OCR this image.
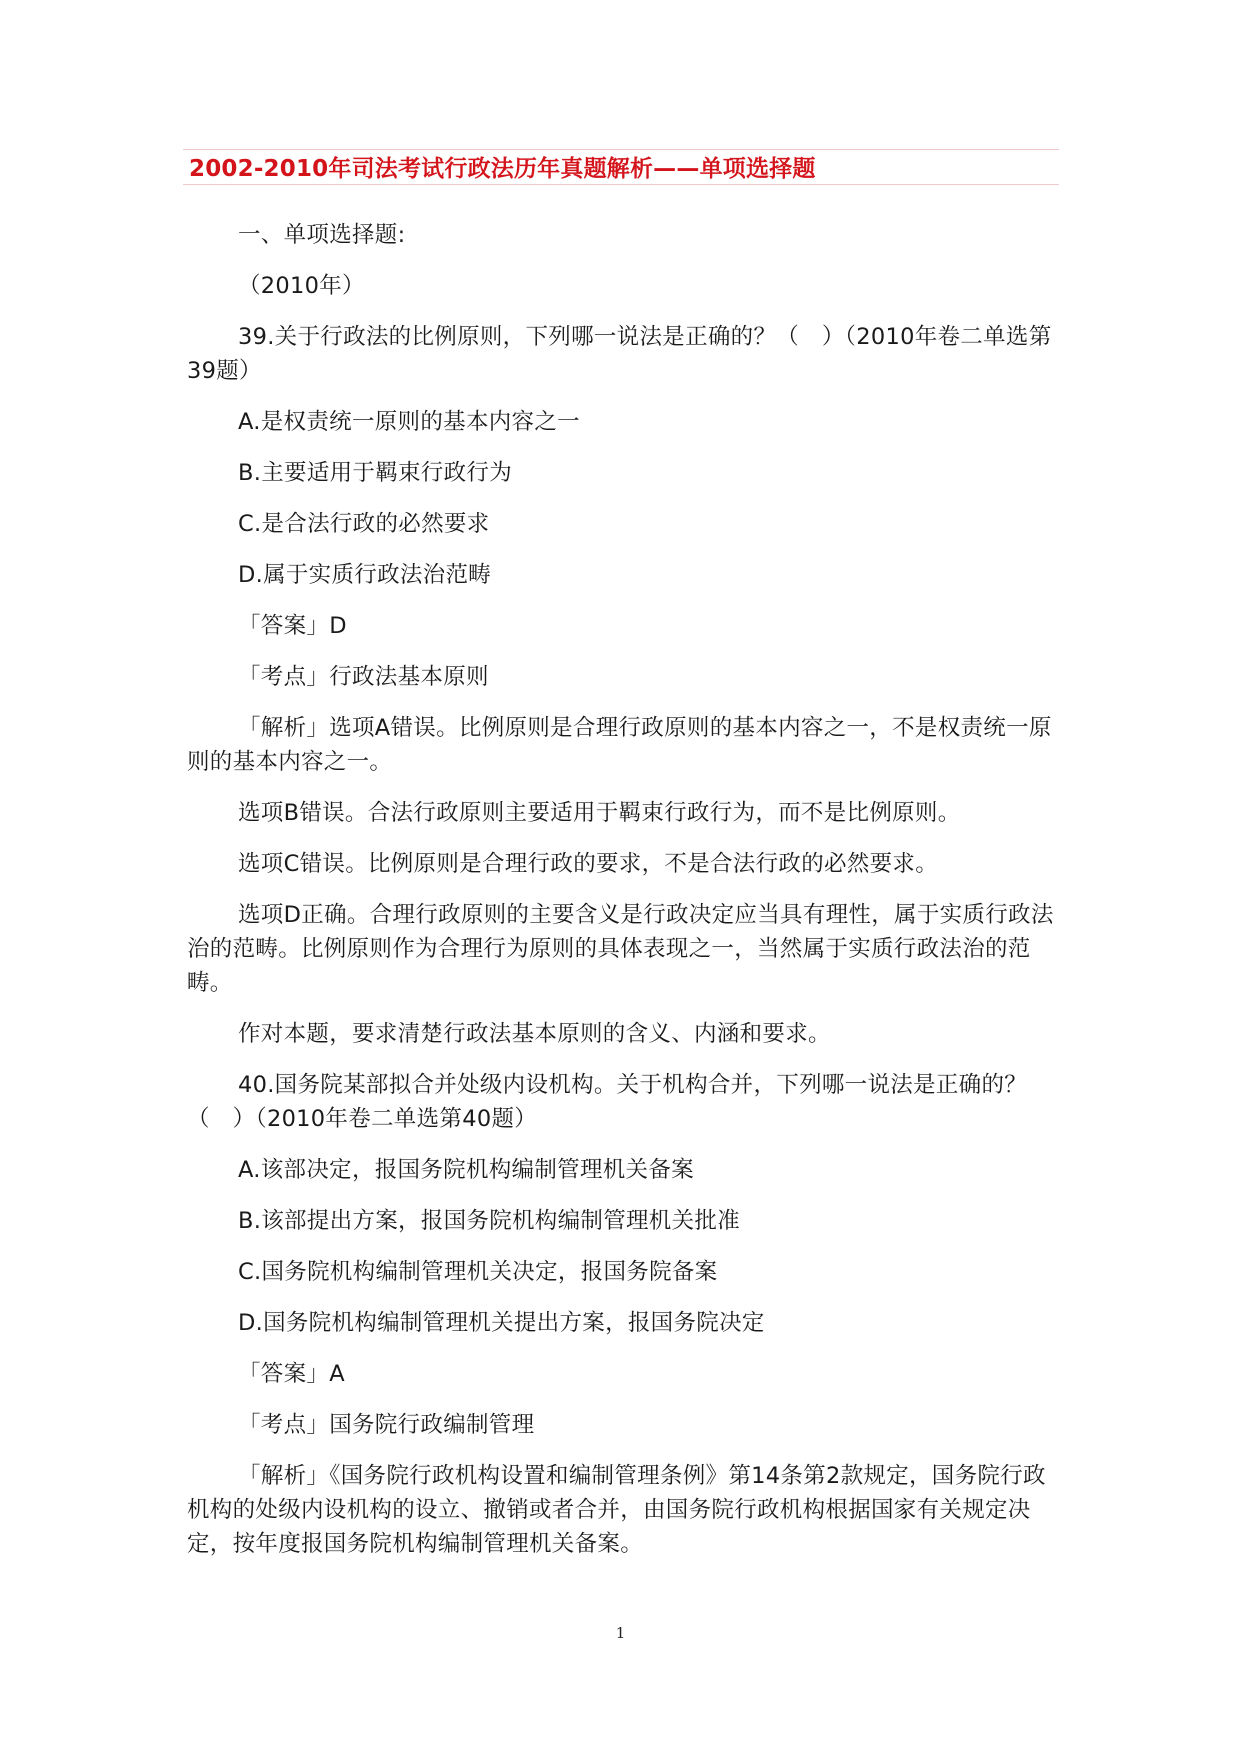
2002-2010年司法考试行政法历年真题解析——单项选择题

一、单项选择题:

（2010年）

39.关于行政法的比例原则，下列哪一说法是正确的？（　）（2010年卷二单选第39题）

A.是权责统一原则的基本内容之一

B.主要适用于羁束行政行为

C.是合法行政的必然要求

D.属于实质行政法治范畴

「答案」D

「考点」行政法基本原则

「解析」选项A错误。比例原则是合理行政原则的基本内容之一，不是权责统一原则的基本内容之一。

选项B错误。合法行政原则主要适用于羁束行政行为，而不是比例原则。

选项C错误。比例原则是合理行政的要求，不是合法行政的必然要求。

选项D正确。合理行政原则的主要含义是行政决定应当具有理性，属于实质行政法治的范畴。比例原则作为合理行为原则的具体表现之一，当然属于实质行政法治的范畴。

作对本题，要求清楚行政法基本原则的含义、内涵和要求。

40.国务院某部拟合并处级内设机构。关于机构合并，下列哪一说法是正确的？（　）（2010年卷二单选第40题）

A.该部决定，报国务院机构编制管理机关备案

B.该部提出方案，报国务院机构编制管理机关批准

C.国务院机构编制管理机关决定，报国务院备案

D.国务院机构编制管理机关提出方案，报国务院决定

「答案」A

「考点」国务院行政编制管理

「解析」《国务院行政机构设置和编制管理条例》第14条第2款规定，国务院行政机构的处级内设机构的设立、撤销或者合并，由国务院行政机构根据国家有关规定决定，按年度报国务院机构编制管理机关备案。

1
